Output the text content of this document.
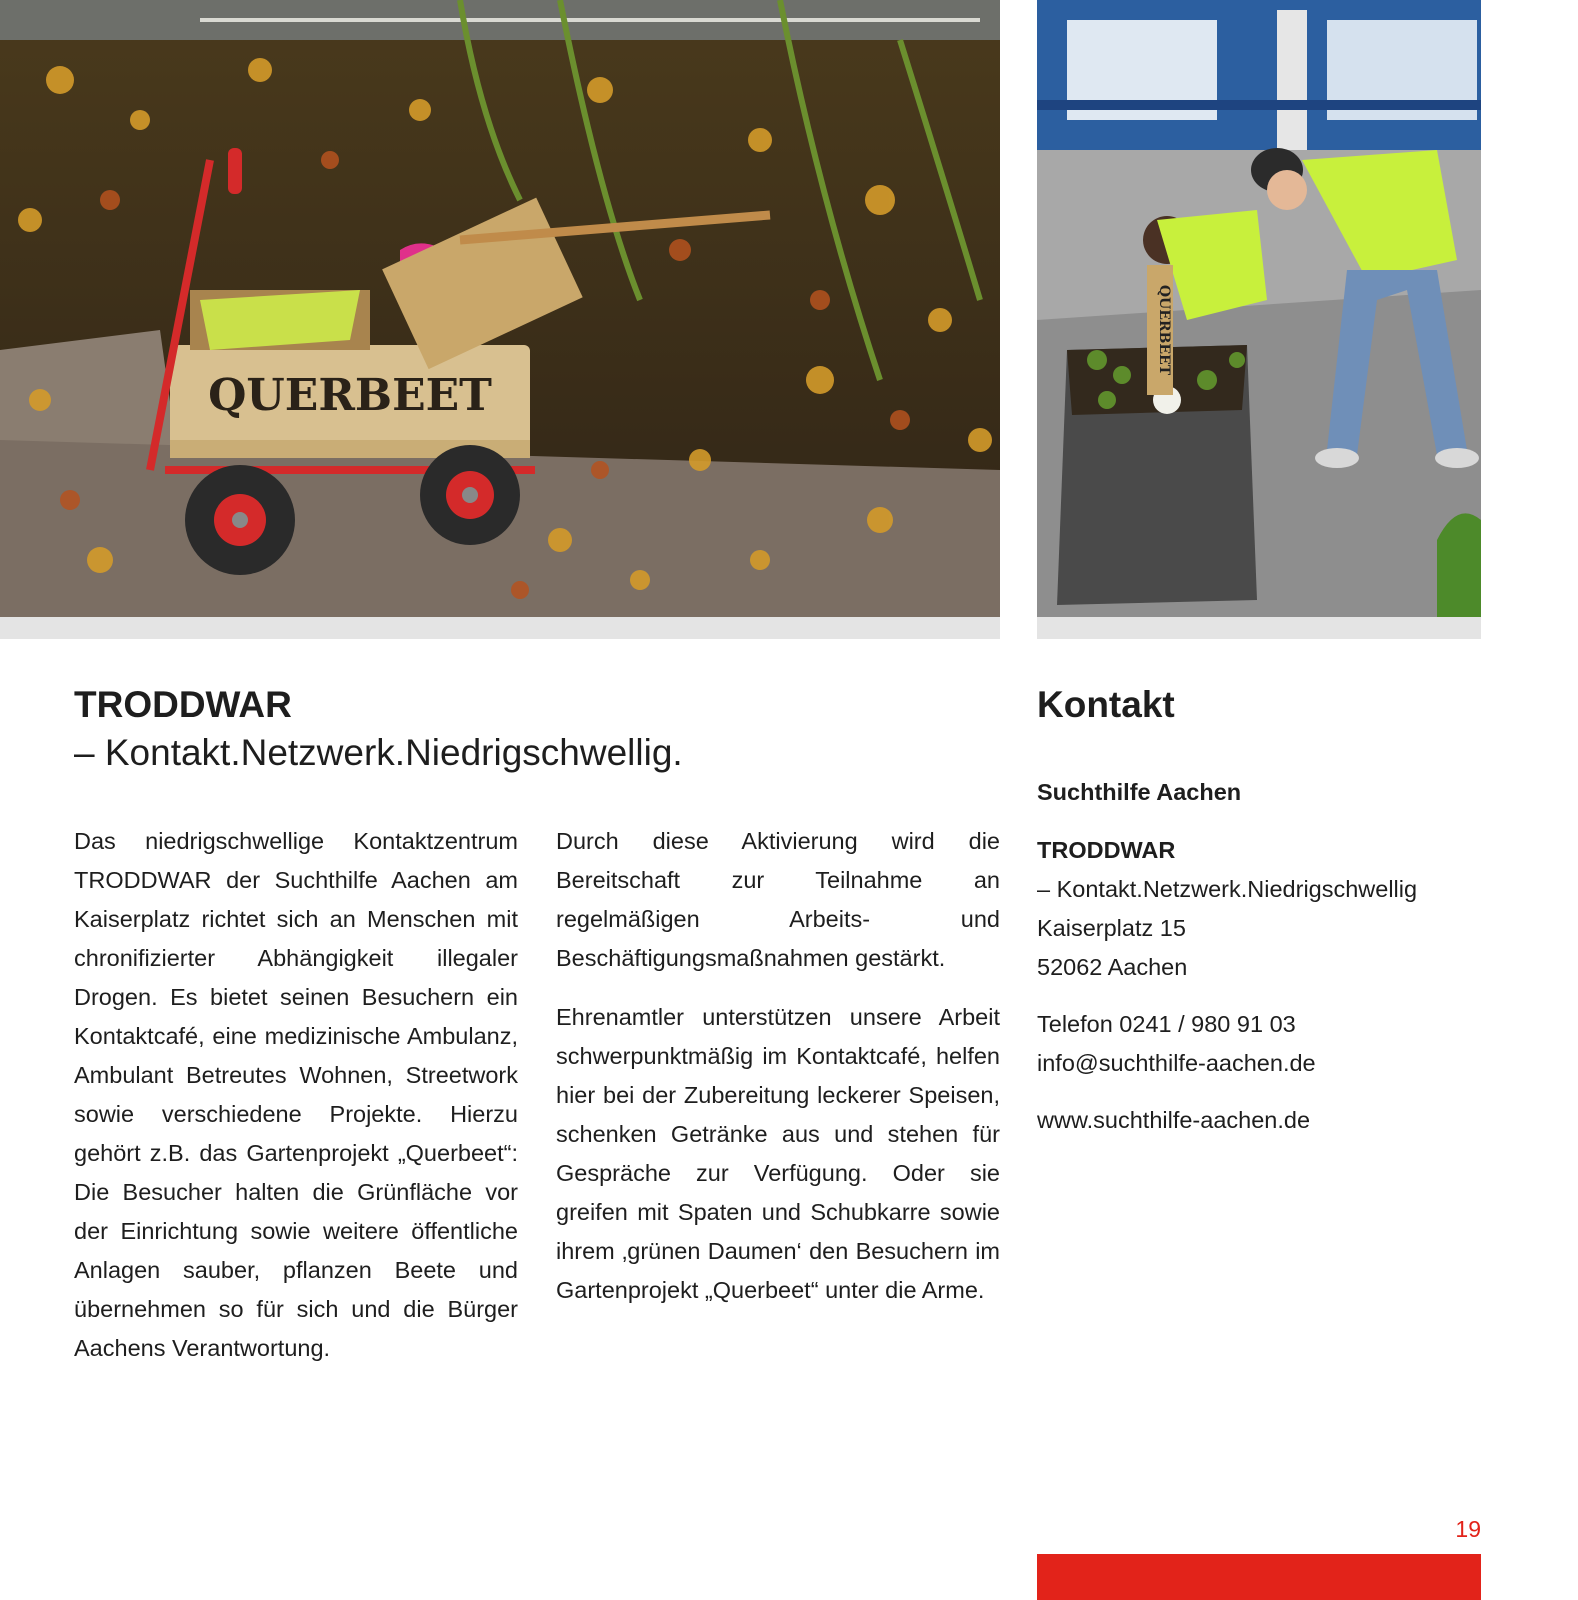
QUERBEET
QUERBEET
TRODDWAR
– Kontakt.Netzwerk.Niedrigschwellig.

Das niedrigschwellige Kontaktzentrum TRODDWAR der Suchthilfe Aachen am Kaiserplatz richtet sich an Menschen mit chronifizierter Abhängigkeit illegaler Drogen. Es bietet seinen Besuchern ein Kontaktcafé, eine medizinische Ambulanz, Ambulant Betreutes Wohnen, Streetwork sowie verschiedene Projekte. Hierzu gehört z.B. das Gartenprojekt „Querbeet“: Die Besucher halten die Grünfläche vor der Einrichtung sowie weitere öffentliche Anlagen sauber, pflanzen Beete und übernehmen so für sich und die Bürger Aachens Verantwortung.

Durch diese Aktivierung wird die Bereitschaft zur Teilnahme an regelmäßigen Arbeits- und Beschäftigungsmaßnahmen gestärkt.

Ehrenamtler unterstützen unsere Arbeit schwerpunktmäßig im Kontaktcafé, helfen hier bei der Zubereitung leckerer Speisen, schenken Getränke aus und stehen für Gespräche zur Verfügung. Oder sie greifen mit Spaten und Schubkarre sowie ihrem ‚grünen Daumen‘ den Besuchern im Gartenprojekt „Querbeet“ unter die Arme.

Kontakt
Suchthilfe Aachen
TRODDWAR
– Kontakt.Netzwerk.Niedrigschwellig
Kaiserplatz 15
52062 Aachen
Telefon 0241 / 980 91 03
info@suchthilfe-aachen.de
www.suchthilfe-aachen.de
19
